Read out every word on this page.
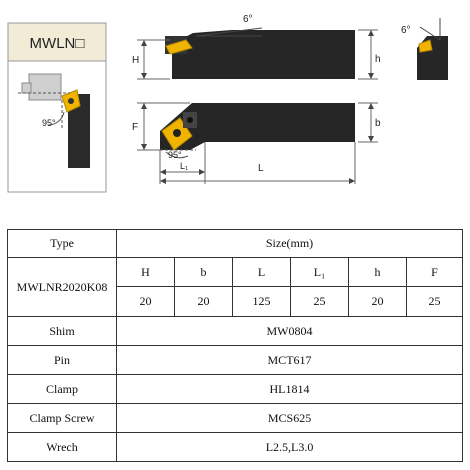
MWLN□
95°
6°
H	h
6°
F	b
95°
L₁	L
Type	Size(mm)					
MWLNR2020K08	H	b	L	L₁	h	F
	20	20	125	25	20	25
Shim	MW0804					
Pin	MCT617					
Clamp	HL1814					
Clamp Screw	MCS625					
Wrech	L2.5,L3.0					
